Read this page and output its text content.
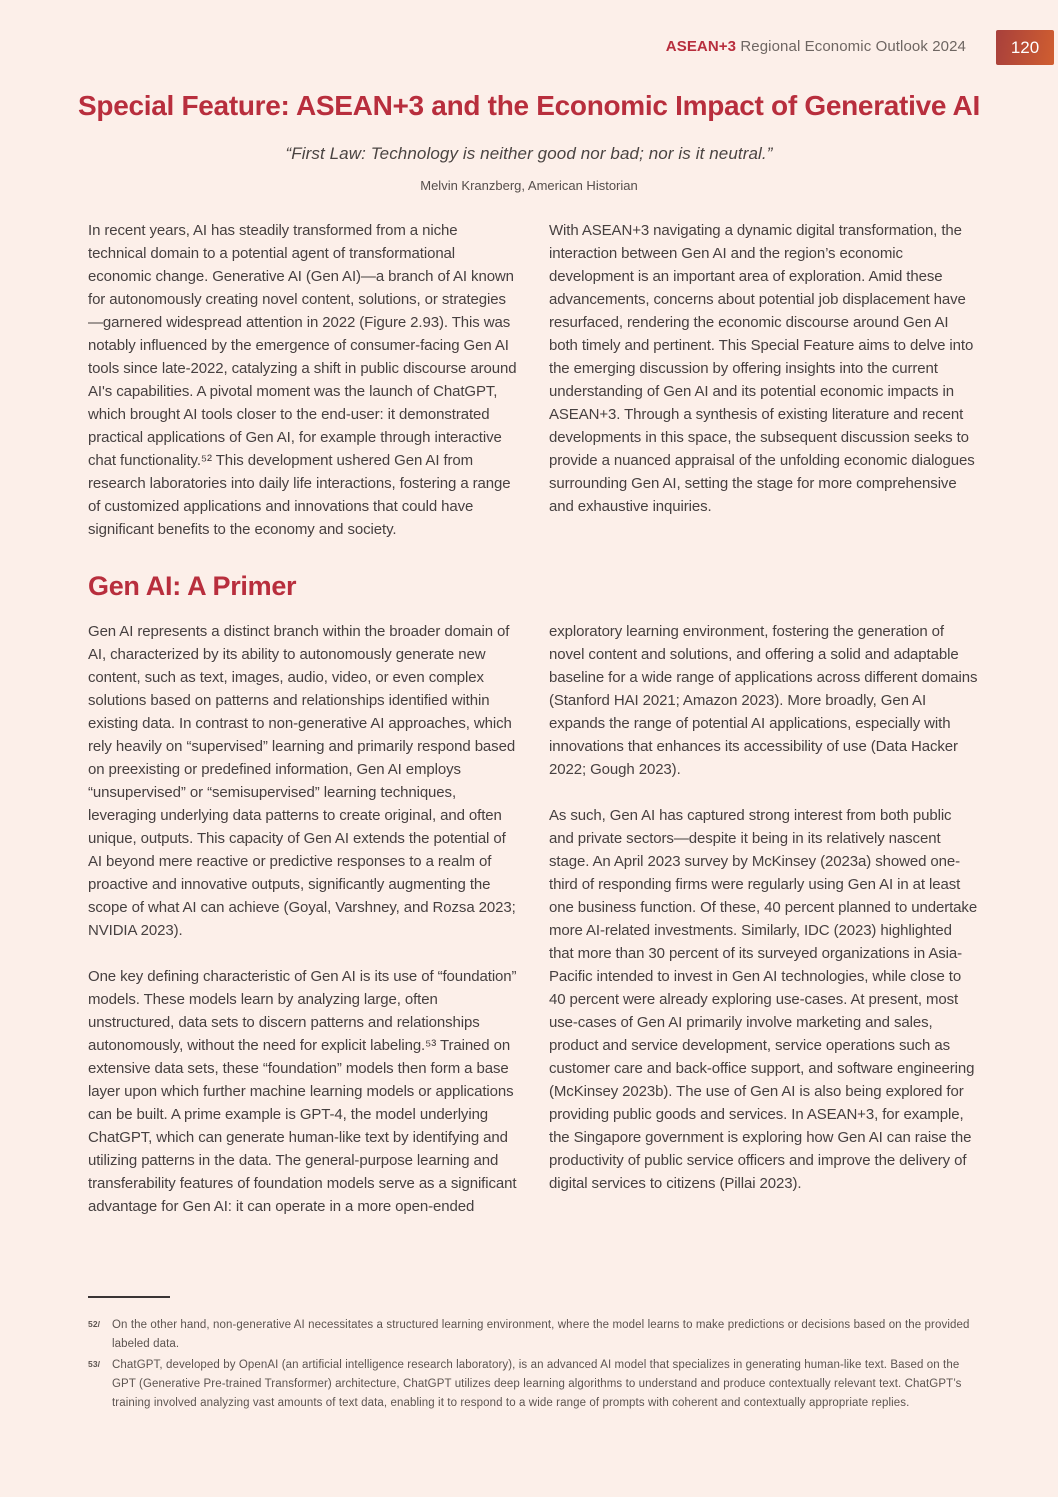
ASEAN+3 Regional Economic Outlook 2024	120
Special Feature: ASEAN+3 and the Economic Impact of Generative AI

“First Law: Technology is neither good nor bad; nor is it neutral.”

Melvin Kranzberg, American Historian

In recent years, AI has steadily transformed from a niche technical domain to a potential agent of transformational economic change. Generative AI (Gen AI)—a branch of AI known for autonomously creating novel content, solutions, or strategies—garnered widespread attention in 2022 (Figure 2.93). This was notably influenced by the emergence of consumer-facing Gen AI tools since late-2022, catalyzing a shift in public discourse around AI's capabilities. A pivotal moment was the launch of ChatGPT, which brought AI tools closer to the end-user: it demonstrated practical applications of Gen AI, for example through interactive chat functionality.⁵² This development ushered Gen AI from research laboratories into daily life interactions, fostering a range of customized applications and innovations that could have significant benefits to the economy and society.

With ASEAN+3 navigating a dynamic digital transformation, the interaction between Gen AI and the region’s economic development is an important area of exploration. Amid these advancements, concerns about potential job displacement have resurfaced, rendering the economic discourse around Gen AI both timely and pertinent. This Special Feature aims to delve into the emerging discussion by offering insights into the current understanding of Gen AI and its potential economic impacts in ASEAN+3. Through a synthesis of existing literature and recent developments in this space, the subsequent discussion seeks to provide a nuanced appraisal of the unfolding economic dialogues surrounding Gen AI, setting the stage for more comprehensive and exhaustive inquiries.

Gen AI: A Primer

Gen AI represents a distinct branch within the broader domain of AI, characterized by its ability to autonomously generate new content, such as text, images, audio, video, or even complex solutions based on patterns and relationships identified within existing data. In contrast to non-generative AI approaches, which rely heavily on “supervised” learning and primarily respond based on preexisting or predefined information, Gen AI employs “unsupervised” or “semisupervised” learning techniques, leveraging underlying data patterns to create original, and often unique, outputs. This capacity of Gen AI extends the potential of AI beyond mere reactive or predictive responses to a realm of proactive and innovative outputs, significantly augmenting the scope of what AI can achieve (Goyal, Varshney, and Rozsa 2023; NVIDIA 2023).

One key defining characteristic of Gen AI is its use of “foundation” models. These models learn by analyzing large, often unstructured, data sets to discern patterns and relationships autonomously, without the need for explicit labeling.⁵³ Trained on extensive data sets, these “foundation” models then form a base layer upon which further machine learning models or applications can be built. A prime example is GPT-4, the model underlying ChatGPT, which can generate human-like text by identifying and utilizing patterns in the data. The general-purpose learning and transferability features of foundation models serve as a significant advantage for Gen AI: it can operate in a more open-ended

exploratory learning environment, fostering the generation of novel content and solutions, and offering a solid and adaptable baseline for a wide range of applications across different domains (Stanford HAI 2021; Amazon 2023). More broadly, Gen AI expands the range of potential AI applications, especially with innovations that enhances its accessibility of use (Data Hacker 2022; Gough 2023).

As such, Gen AI has captured strong interest from both public and private sectors—despite it being in its relatively nascent stage. An April 2023 survey by McKinsey (2023a) showed one-third of responding firms were regularly using Gen AI in at least one business function. Of these, 40 percent planned to undertake more AI-related investments. Similarly, IDC (2023) highlighted that more than 30 percent of its surveyed organizations in Asia-Pacific intended to invest in Gen AI technologies, while close to 40 percent were already exploring use-cases. At present, most use-cases of Gen AI primarily involve marketing and sales, product and service development, service operations such as customer care and back-office support, and software engineering (McKinsey 2023b). The use of Gen AI is also being explored for providing public goods and services. In ASEAN+3, for example, the Singapore government is exploring how Gen AI can raise the productivity of public service officers and improve the delivery of digital services to citizens (Pillai 2023).

52/	On the other hand, non-generative AI necessitates a structured learning environment, where the model learns to make predictions or decisions based on the provided labeled data.
53/	ChatGPT, developed by OpenAI (an artificial intelligence research laboratory), is an advanced AI model that specializes in generating human-like text. Based on the GPT (Generative Pre-trained Transformer) architecture, ChatGPT utilizes deep learning algorithms to understand and produce contextually relevant text. ChatGPT’s training involved analyzing vast amounts of text data, enabling it to respond to a wide range of prompts with coherent and contextually appropriate replies.
